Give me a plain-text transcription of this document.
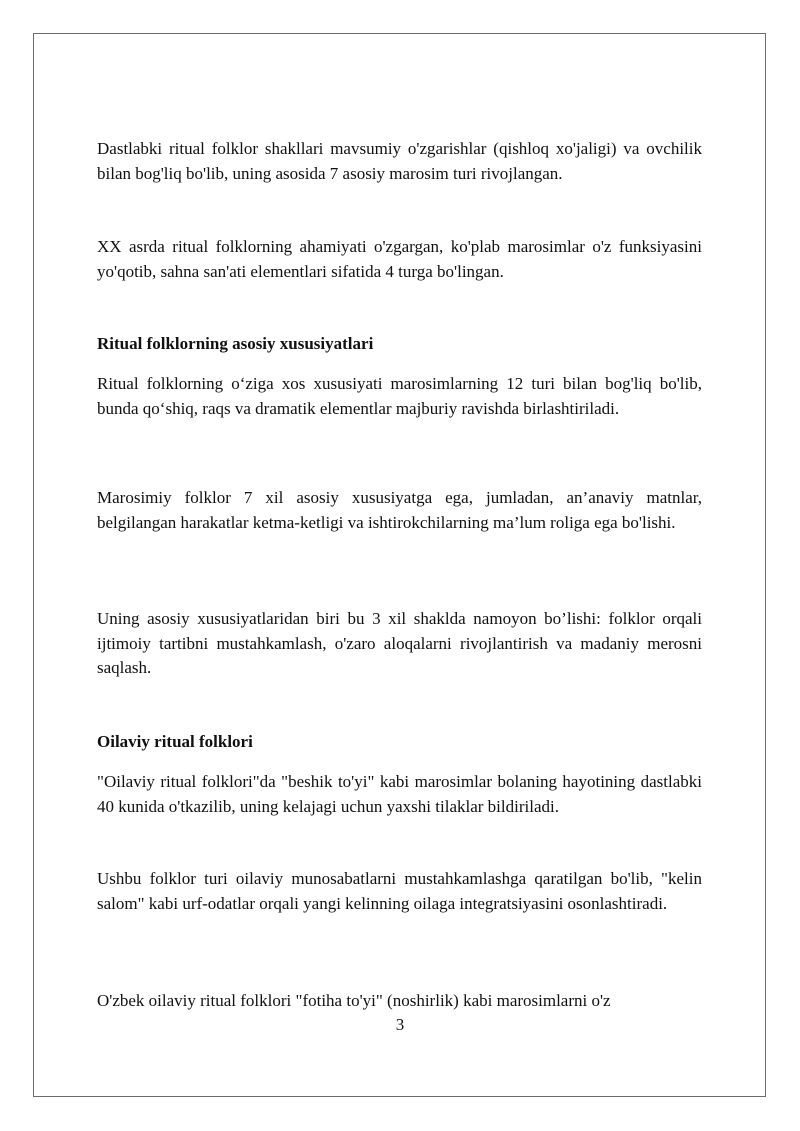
Dastlabki ritual folklor shakllari mavsumiy o'zgarishlar (qishloq xo'jaligi) va ovchilik bilan bog'liq bo'lib, uning asosida 7 asosiy marosim turi rivojlangan.

XX asrda ritual folklorning ahamiyati o'zgargan, ko'plab marosimlar o'z funksiyasini yo'qotib, sahna san'ati elementlari sifatida 4 turga bo'lingan.

Ritual folklorning asosiy xususiyatlari

Ritual folklorning o‘ziga xos xususiyati marosimlarning 12 turi bilan bog'liq bo'lib, bunda qo‘shiq, raqs va dramatik elementlar majburiy ravishda birlashtiriladi.

Marosimiy folklor 7 xil asosiy xususiyatga ega, jumladan, an’anaviy matnlar, belgilangan harakatlar ketma-ketligi va ishtirokchilarning ma’lum roliga ega bo'lishi.

Uning asosiy xususiyatlaridan biri bu 3 xil shaklda namoyon bo’lishi: folklor orqali ijtimoiy tartibni mustahkamlash, o'zaro aloqalarni rivojlantirish va madaniy merosni saqlash.

Oilaviy ritual folklori

"Oilaviy ritual folklori"da "beshik to'yi" kabi marosimlar bolaning hayotining dastlabki 40 kunida o'tkazilib, uning kelajagi uchun yaxshi tilaklar bildiriladi.

Ushbu folklor turi oilaviy munosabatlarni mustahkamlashga qaratilgan bo'lib, "kelin salom" kabi urf-odatlar orqali yangi kelinning oilaga integratsiyasini osonlashtiradi.

O'zbek oilaviy ritual folklori "fotiha to'yi" (noshirlik) kabi marosimlarni o'z

3
